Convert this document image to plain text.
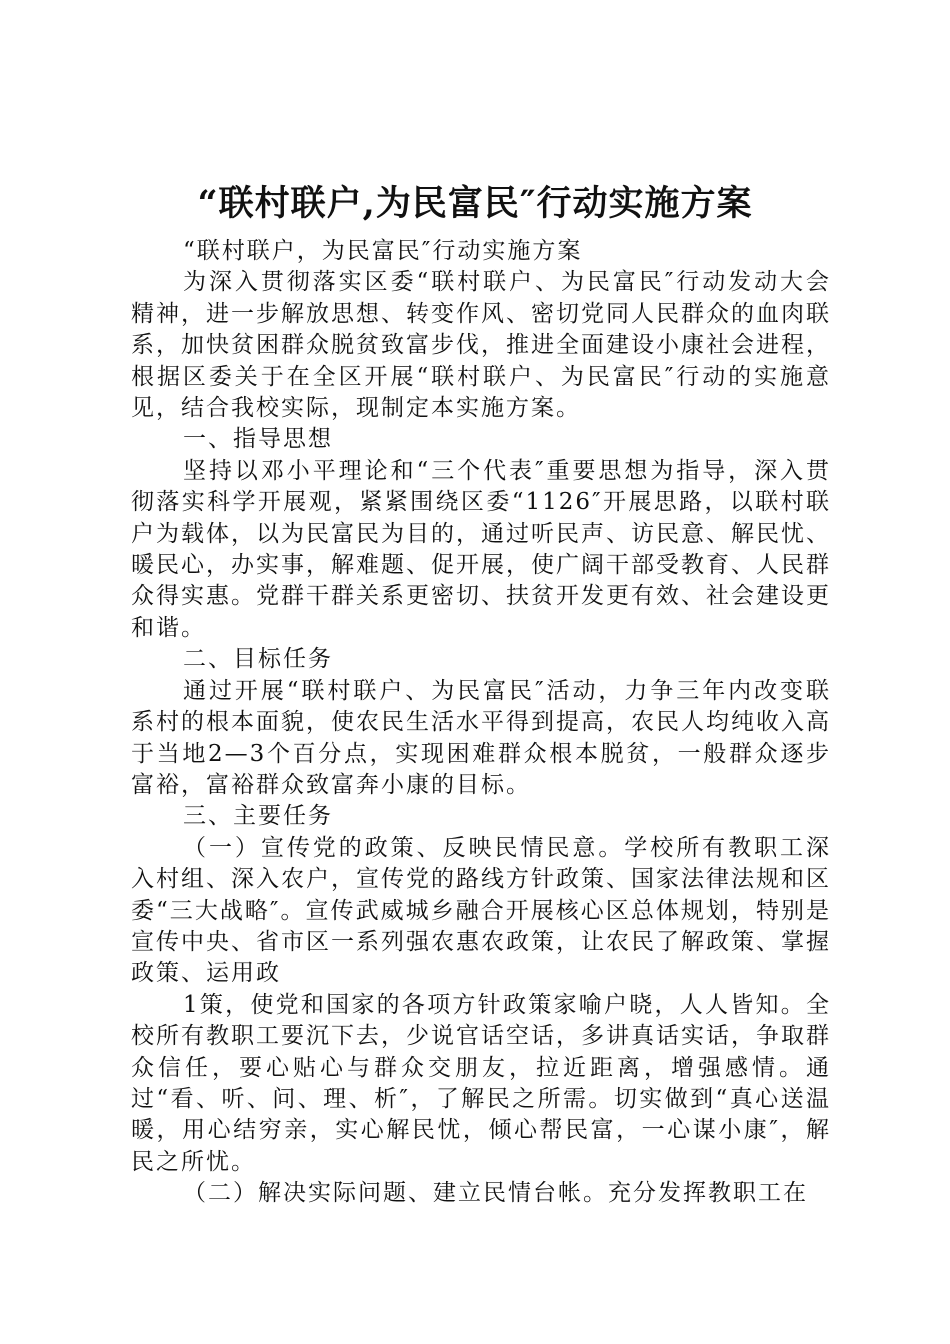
“联村联户,为民富民″行动实施方案

“联村联户，为民富民″行动实施方案

为深入贯彻落实区委“联村联户、为民富民″行动发动大会精神，进一步解放思想、转变作风、密切党同人民群众的血肉联系，加快贫困群众脱贫致富步伐，推进全面建设小康社会进程，根据区委关于在全区开展“联村联户、为民富民″行动的实施意见，结合我校实际，现制定本实施方案。

一、指导思想

坚持以邓小平理论和“三个代表″重要思想为指导，深入贯彻落实科学开展观，紧紧围绕区委“1126″开展思路，以联村联户为载体，以为民富民为目的，通过听民声、访民意、解民忧、暖民心，办实事，解难题、促开展，使广阔干部受教育、人民群众得实惠。党群干群关系更密切、扶贫开发更有效、社会建设更和谐。

二、目标任务

通过开展“联村联户、为民富民″活动，力争三年内改变联系村的根本面貌，使农民生活水平得到提高，农民人均纯收入高于当地2—3个百分点，实现困难群众根本脱贫，一般群众逐步富裕，富裕群众致富奔小康的目标。

三、主要任务

（一）宣传党的政策、反映民情民意。学校所有教职工深入村组、深入农户，宣传党的路线方针政策、国家法律法规和区委“三大战略″。宣传武威城乡融合开展核心区总体规划，特别是宣传中央、省市区一系列强农惠农政策，让农民了解政策、掌握政策、运用政

1策，使党和国家的各项方针政策家喻户晓，人人皆知。全校所有教职工要沉下去，少说官话空话，多讲真话实话，争取群众信任，要心贴心与群众交朋友，拉近距离，增强感情。通过“看、听、问、理、析″，了解民之所需。切实做到“真心送温暖，用心结穷亲，实心解民忧，倾心帮民富，一心谋小康″，解民之所忧。

（二）解决实际问题、建立民情台帐。充分发挥教职工在
